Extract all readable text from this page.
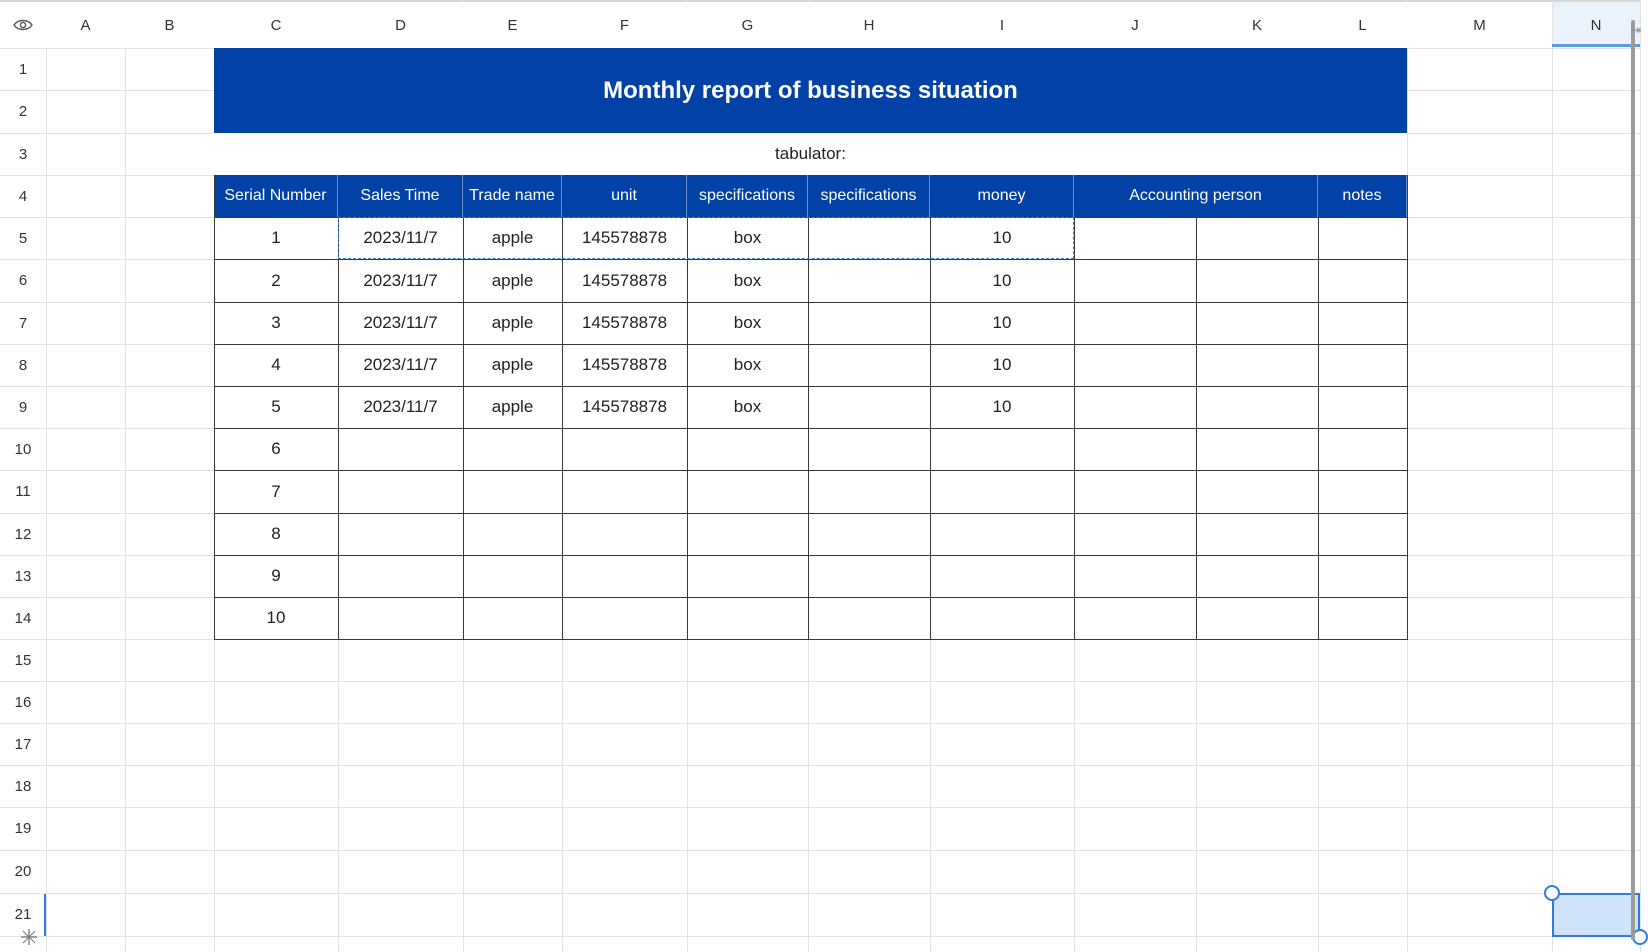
A	B	C	D	E	F	G	H	I	J	K	L	M	N
1
2
3
4
5
6
7
8
9
10
11
12
13
14
15
16
17
18
19
20
21
Monthly report of business situation
tabulator:
Serial Number	Sales Time	Trade name	unit	specifications	specifications	money	Accounting person	notes
1	2023/11/7	apple	145578878	box	10
2	2023/11/7	apple	145578878	box	10
3	2023/11/7	apple	145578878	box	10
4	2023/11/7	apple	145578878	box	10
5	2023/11/7	apple	145578878	box	10
6
7
8
9
10
⇥
